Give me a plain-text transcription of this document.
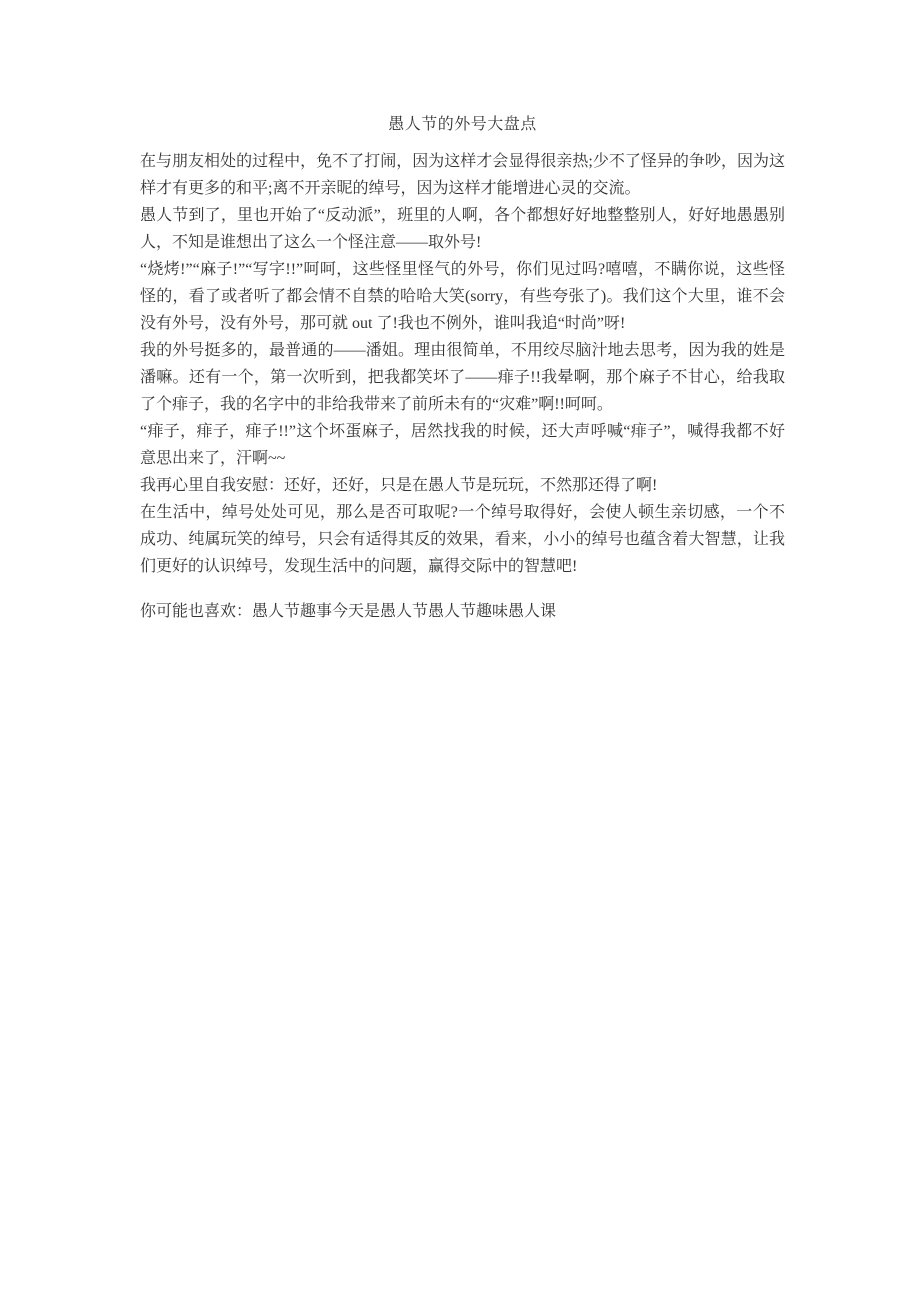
愚人节的外号大盘点

在与朋友相处的过程中，免不了打闹，因为这样才会显得很亲热;少不了怪异的争吵，因为这样才有更多的和平;离不开亲昵的绰号，因为这样才能增进心灵的交流。

愚人节到了，里也开始了“反动派”，班里的人啊，各个都想好好地整整别人，好好地愚愚别人，不知是谁想出了这么一个怪注意——取外号!

“烧烤!”“麻子!”“写字!!”呵呵，这些怪里怪气的外号，你们见过吗?嘻嘻，不瞒你说，这些怪怪的，看了或者听了都会情不自禁的哈哈大笑(sorry，有些夸张了)。我们这个大里，谁不会没有外号，没有外号，那可就 out 了!我也不例外，谁叫我追“时尚”呀!

我的外号挺多的，最普通的——潘姐。理由很简单，不用绞尽脑汁地去思考，因为我的姓是潘嘛。还有一个，第一次听到，把我都笑坏了——痱子!!我晕啊，那个麻子不甘心，给我取了个痱子，我的名字中的非给我带来了前所未有的“灾难”啊!!呵呵。

“痱子，痱子，痱子!!”这个坏蛋麻子，居然找我的时候，还大声呼喊“痱子”，喊得我都不好意思出来了，汗啊~~

我再心里自我安慰：还好，还好，只是在愚人节是玩玩，不然那还得了啊!

在生活中，绰号处处可见，那么是否可取呢?一个绰号取得好，会使人顿生亲切感，一个不成功、纯属玩笑的绰号，只会有适得其反的效果，看来，小小的绰号也蕴含着大智慧，让我们更好的认识绰号，发现生活中的问题，赢得交际中的智慧吧!

你可能也喜欢：愚人节趣事今天是愚人节愚人节趣味愚人课
